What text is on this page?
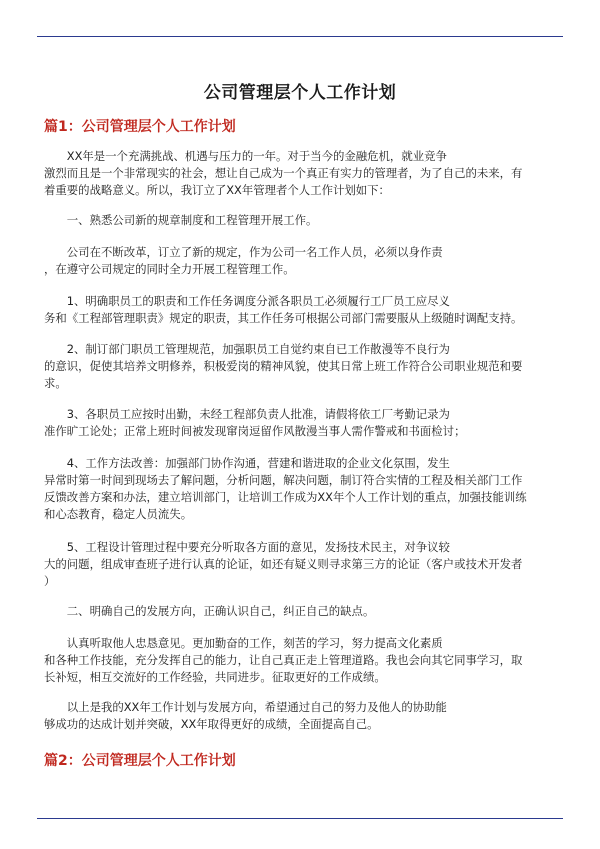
公司管理层个人工作计划
篇1：公司管理层个人工作计划
　　XX年是一个充满挑战、机遇与压力的一年。对于当今的金融危机，就业竞争
激烈而且是一个非常现实的社会，想让自己成为一个真正有实力的管理者，为了自己的未来，有
着重要的战略意义。所以，我订立了XX年管理者个人工作计划如下：
　　一、熟悉公司新的规章制度和工程管理开展工作。
　　公司在不断改革，订立了新的规定，作为公司一名工作人员，必须以身作责
，在遵守公司规定的同时全力开展工程管理工作。
　　1、明确职员工的职责和工作任务调度分派各职员工必须履行工厂员工应尽义
务和《工程部管理职责》规定的职责，其工作任务可根据公司部门需要服从上级随时调配支持。
　　2、制订部门职员工管理规范，加强职员工自觉约束自已工作散漫等不良行为
的意识，促使其培养文明修养，积极爱岗的精神风貌，使其日常上班工作符合公司职业规范和要
求。
　　3、各职员工应按时出勤，未经工程部负责人批准，请假将依工厂考勤记录为
准作旷工论处；正常上班时间被发现窜岗逗留作风散漫当事人需作警戒和书面检讨；
　　4、工作方法改善：加强部门协作沟通，营建和谐进取的企业文化氛围，发生
异常时第一时间到现场去了解问题，分析问题，解决问题，制订符合实情的工程及相关部门工作
反馈改善方案和办法，建立培训部门，让培训工作成为XX年个人工作计划的重点，加强技能训练
和心态教育，稳定人员流失。
　　5、工程设计管理过程中要充分听取各方面的意见，发扬技术民主，对争议较
大的问题，组成审查班子进行认真的论证，如还有疑义则寻求第三方的论证（客户或技术开发者
）
　　二、明确自己的发展方向，正确认识自己，纠正自己的缺点。
　　认真听取他人忠恳意见。更加勤奋的工作，刻苦的学习，努力提高文化素质
和各种工作技能，充分发挥自己的能力，让自己真正走上管理道路。我也会向其它同事学习，取
长补短，相互交流好的工作经验，共同进步。征取更好的工作成绩。
　　以上是我的XX年工作计划与发展方向，希望通过自己的努力及他人的协助能
够成功的达成计划并突破，XX年取得更好的成绩，全面提高自己。
篇2：公司管理层个人工作计划
